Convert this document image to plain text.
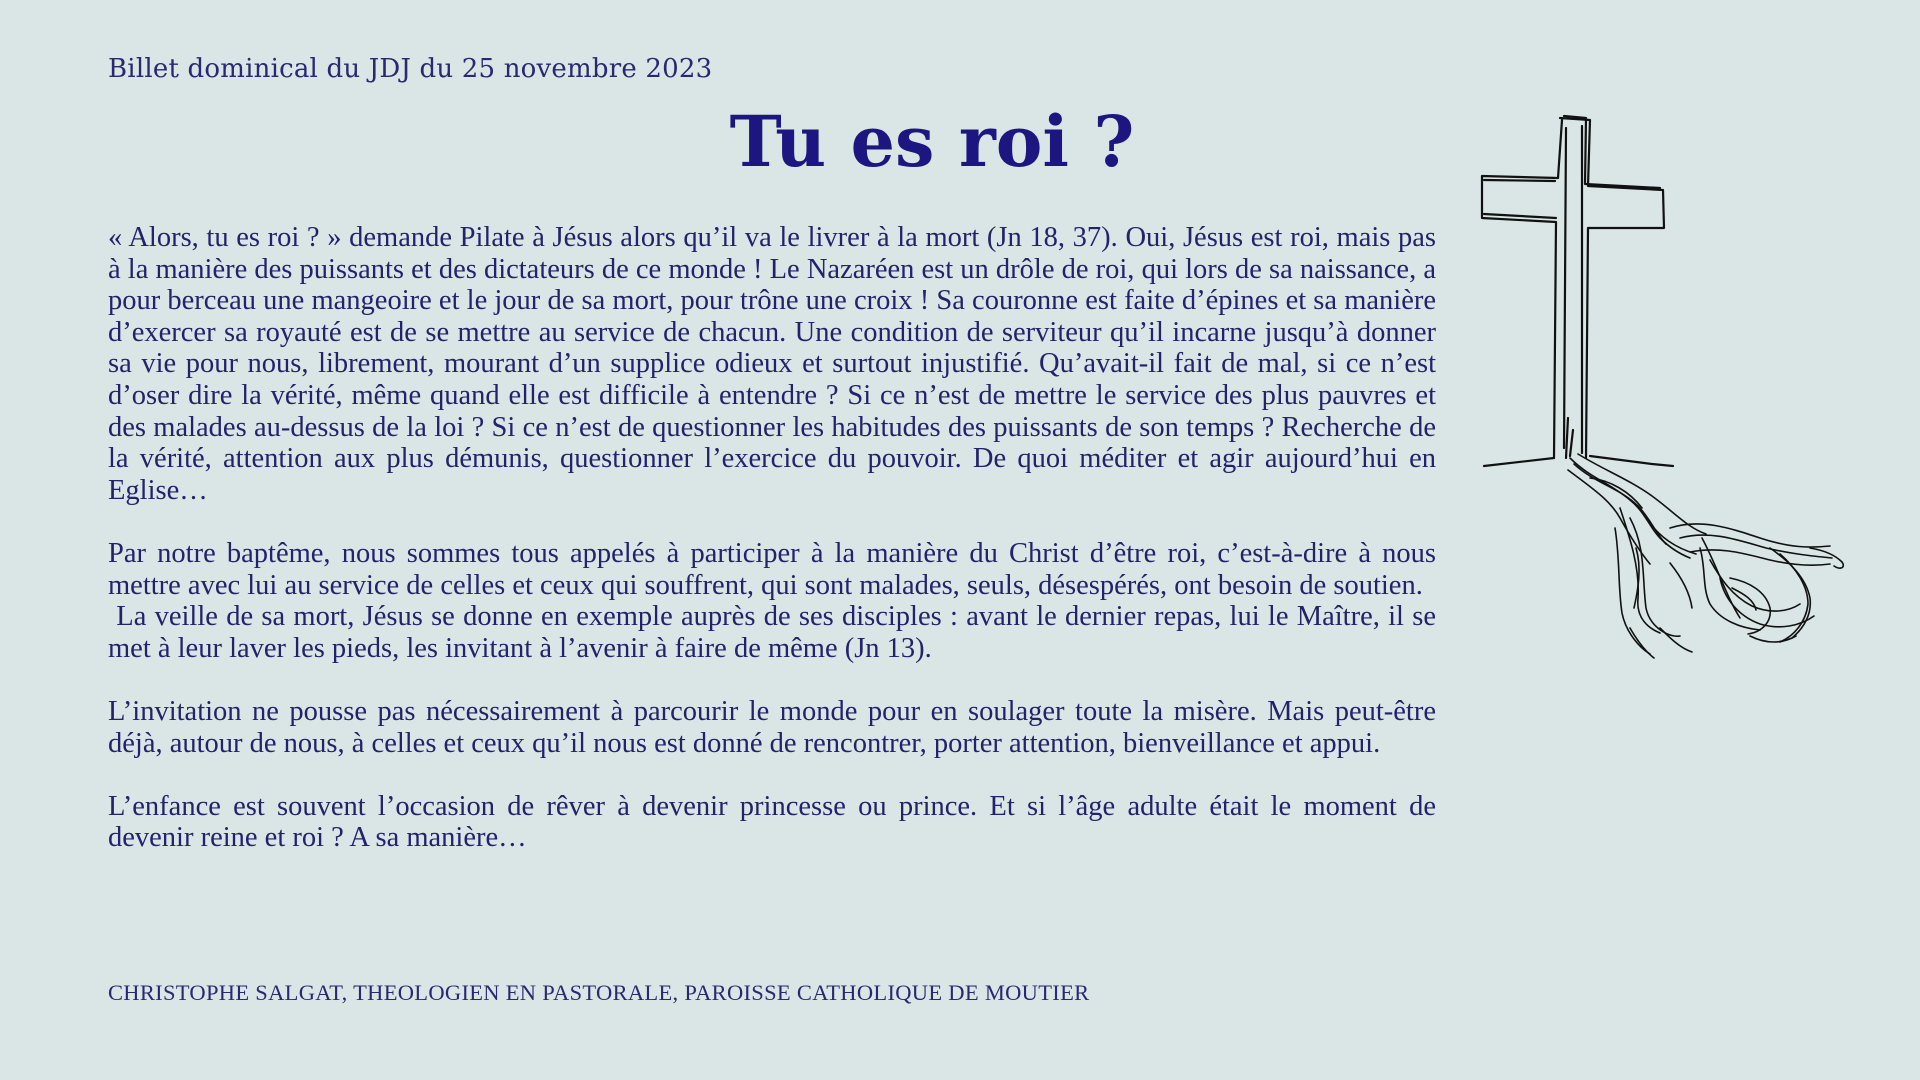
Billet dominical du JDJ du 25 novembre 2023
Tu es roi ?

« Alors, tu es roi ? » demande Pilate à Jésus alors qu’il va le livrer à la mort (Jn 18, 37). Oui, Jésus est roi, mais pas à la manière des puissants et des dictateurs de ce monde ! Le Nazaréen est un drôle de roi, qui lors de sa naissance, a pour berceau une mangeoire et le jour de sa mort, pour trône une croix ! Sa couronne est faite d’épines et sa manière d’exercer sa royauté est de se mettre au service de chacun. Une condition de serviteur qu’il incarne jusqu’à donner sa vie pour nous, librement, mourant d’un supplice odieux et surtout injustifié. Qu’avait-il fait de mal, si ce n’est d’oser dire la vérité, même quand elle est difficile à entendre ? Si ce n’est de mettre le service des plus pauvres et des malades au-dessus de la loi ? Si ce n’est de questionner les habitudes des puissants de son temps ? Recherche de la vérité, attention aux plus démunis, questionner l’exercice du pouvoir. De quoi méditer et agir aujourd’hui en Eglise…

Par notre baptême, nous sommes tous appelés à participer à la manière du Christ d’être roi, c’est-à-dire à nous mettre avec lui au service de celles et ceux qui souffrent, qui sont malades, seuls, désespérés, ont besoin de soutien.

La veille de sa mort, Jésus se donne en exemple auprès de ses disciples : avant le dernier repas, lui le Maître, il se met à leur laver les pieds, les invitant à l’avenir à faire de même (Jn 13).

L’invitation ne pousse pas nécessairement à parcourir le monde pour en soulager toute la misère. Mais peut-être déjà, autour de nous, à celles et ceux qu’il nous est donné de rencontrer, porter attention, bienveillance et appui.

L’enfance est souvent l’occasion de rêver à devenir princesse ou prince. Et si l’âge adulte était le moment de devenir reine et roi ? A sa manière…

CHRISTOPHE SALGAT, THEOLOGIEN EN PASTORALE, PAROISSE CATHOLIQUE DE MOUTIER
